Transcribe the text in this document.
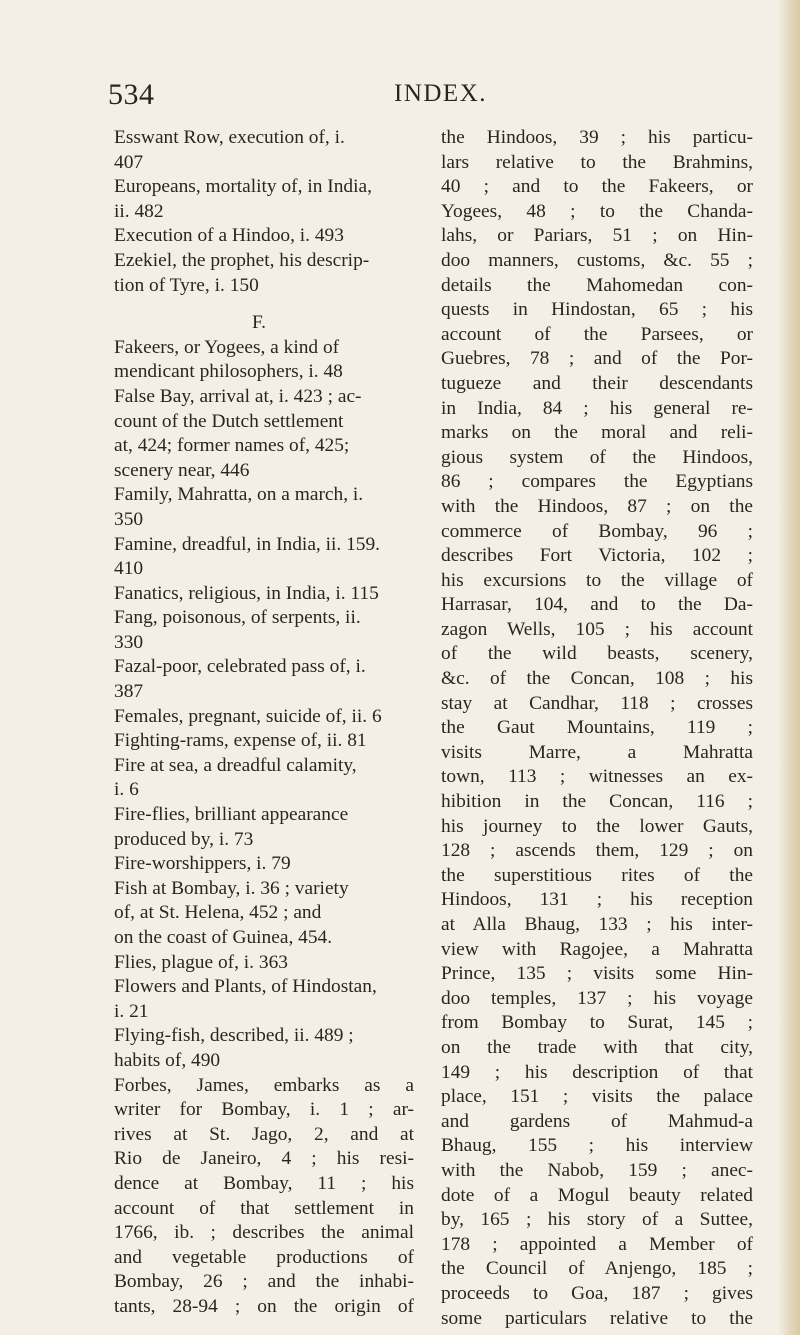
534	INDEX.

Esswant Row, execution of, i.
407

Europeans, mortality of, in India,
ii. 482

Execution of a Hindoo, i. 493

Ezekiel, the prophet, his descrip-
tion of Tyre, i. 150

F.

Fakeers, or Yogees, a kind of
mendicant philosophers, i. 48

False Bay, arrival at, i. 423 ; ac-
count of the Dutch settlement
at, 424; former names of, 425;
scenery near, 446

Family, Mahratta, on a march, i.
350

Famine, dreadful, in India, ii. 159.
410

Fanatics, religious, in India, i. 115

Fang, poisonous, of serpents, ii.
330

Fazal-poor, celebrated pass of, i.
387

Females, pregnant, suicide of, ii. 6

Fighting-rams, expense of, ii. 81

Fire at sea, a dreadful calamity,
i. 6

Fire-flies, brilliant appearance
produced by, i. 73

Fire-worshippers, i. 79

Fish at Bombay, i. 36 ; variety
of, at St. Helena, 452 ; and
on the coast of Guinea, 454.

Flies, plague of, i. 363

Flowers and Plants, of Hindostan,
i. 21

Flying-fish, described, ii. 489 ;
habits of, 490

Forbes, James, embarks as a
writer for Bombay, i. 1 ; ar-
rives at St. Jago, 2, and at
Rio de Janeiro, 4 ; his resi-
dence at Bombay, 11 ; his
account of that settlement in
1766, ib. ; describes the animal
and vegetable productions of
Bombay, 26 ; and the inhabi-
tants, 28-94 ; on the origin of

the Hindoos, 39 ; his particu-
lars relative to the Brahmins,
40 ; and to the Fakeers, or
Yogees, 48 ; to the Chanda-
lahs, or Pariars, 51 ; on Hin-
doo manners, customs, &c. 55 ;
details the Mahomedan con-
quests in Hindostan, 65 ; his
account of the Parsees, or
Guebres, 78 ; and of the Por-
tugueze and their descendants
in India, 84 ; his general re-
marks on the moral and reli-
gious system of the Hindoos,
86 ; compares the Egyptians
with the Hindoos, 87 ; on the
commerce of Bombay, 96 ;
describes Fort Victoria, 102 ;
his excursions to the village of
Harrasar, 104, and to the Da-
zagon Wells, 105 ; his account
of the wild beasts, scenery,
&c. of the Concan, 108 ; his
stay at Candhar, 118 ; crosses
the Gaut Mountains, 119 ;
visits Marre, a Mahratta
town, 113 ; witnesses an ex-
hibition in the Concan, 116 ;
his journey to the lower Gauts,
128 ; ascends them, 129 ; on
the superstitious rites of the
Hindoos, 131 ; his reception
at Alla Bhaug, 133 ; his inter-
view with Ragojee, a Mahratta
Prince, 135 ; visits some Hin-
doo temples, 137 ; his voyage
from Bombay to Surat, 145 ;
on the trade with that city,
149 ; his description of that
place, 151 ; visits the palace
and gardens of Mahmud-a
Bhaug, 155 ; his interview
with the Nabob, 159 ; anec-
dote of a Mogul beauty related
by, 165 ; his story of a Suttee,
178 ; appointed a Member of
the Council of Anjengo, 185 ;
proceeds to Goa, 187 ; gives
some particulars relative to the
